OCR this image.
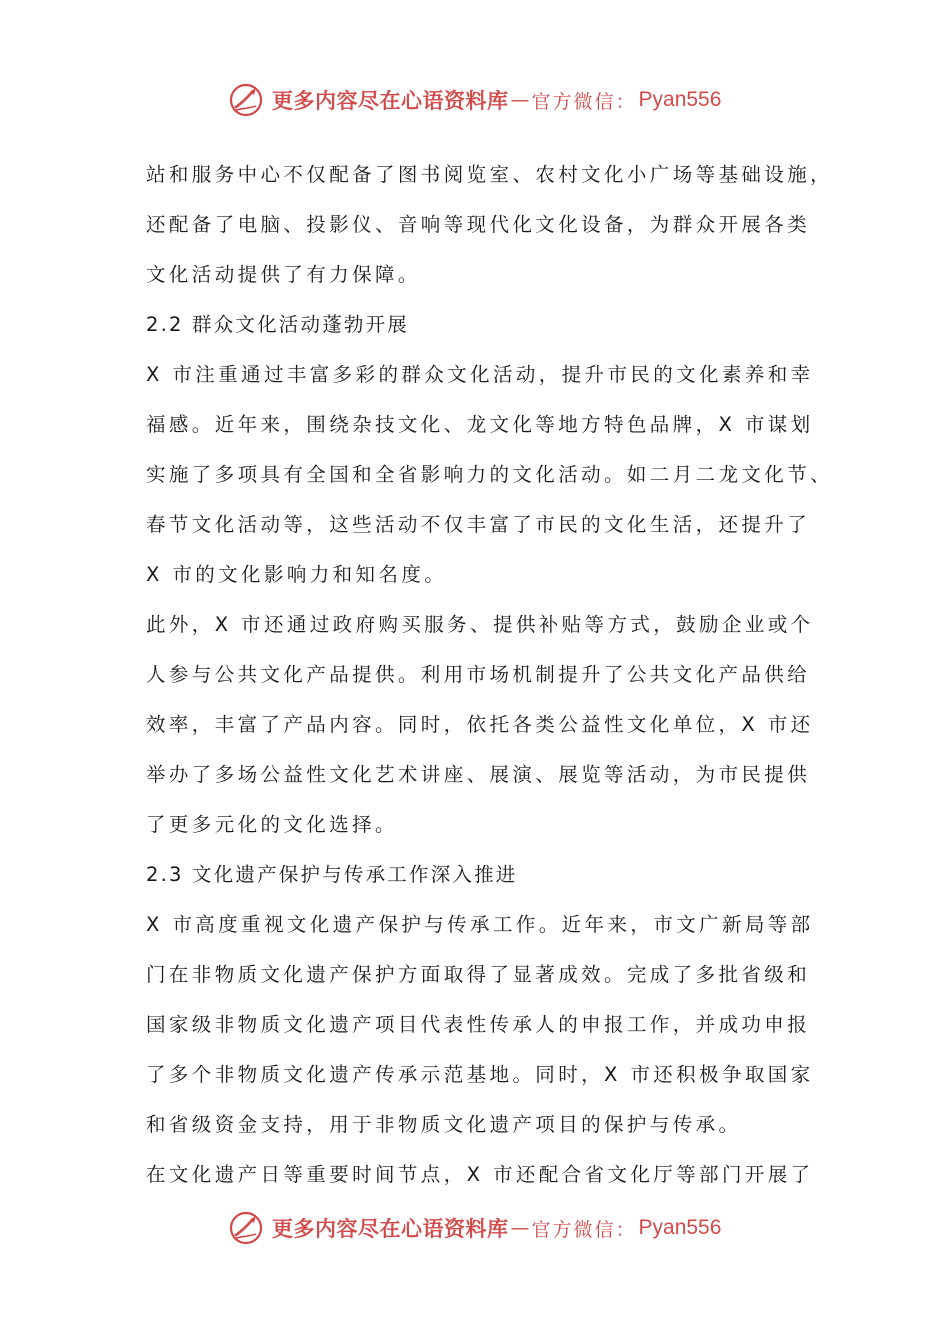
更多内容尽在心语资料库 — 官方微信： Pyan556
站和服务中心不仅配备了图书阅览室、农村文化小广场等基础设施，
还配备了电脑、投影仪、音响等现代化文化设备，为群众开展各类
文化活动提供了有力保障。
2.2 群众文化活动蓬勃开展
X 市注重通过丰富多彩的群众文化活动，提升市民的文化素养和幸
福感。近年来，围绕杂技文化、龙文化等地方特色品牌，X 市谋划
实施了多项具有全国和全省影响力的文化活动。如二月二龙文化节、
春节文化活动等，这些活动不仅丰富了市民的文化生活，还提升了
X 市的文化影响力和知名度。
此外，X 市还通过政府购买服务、提供补贴等方式，鼓励企业或个
人参与公共文化产品提供。利用市场机制提升了公共文化产品供给
效率，丰富了产品内容。同时，依托各类公益性文化单位，X 市还
举办了多场公益性文化艺术讲座、展演、展览等活动，为市民提供
了更多元化的文化选择。
2.3 文化遗产保护与传承工作深入推进
X 市高度重视文化遗产保护与传承工作。近年来，市文广新局等部
门在非物质文化遗产保护方面取得了显著成效。完成了多批省级和
国家级非物质文化遗产项目代表性传承人的申报工作，并成功申报
了多个非物质文化遗产传承示范基地。同时，X 市还积极争取国家
和省级资金支持，用于非物质文化遗产项目的保护与传承。
在文化遗产日等重要时间节点，X 市还配合省文化厅等部门开展了
更多内容尽在心语资料库 — 官方微信： Pyan556
